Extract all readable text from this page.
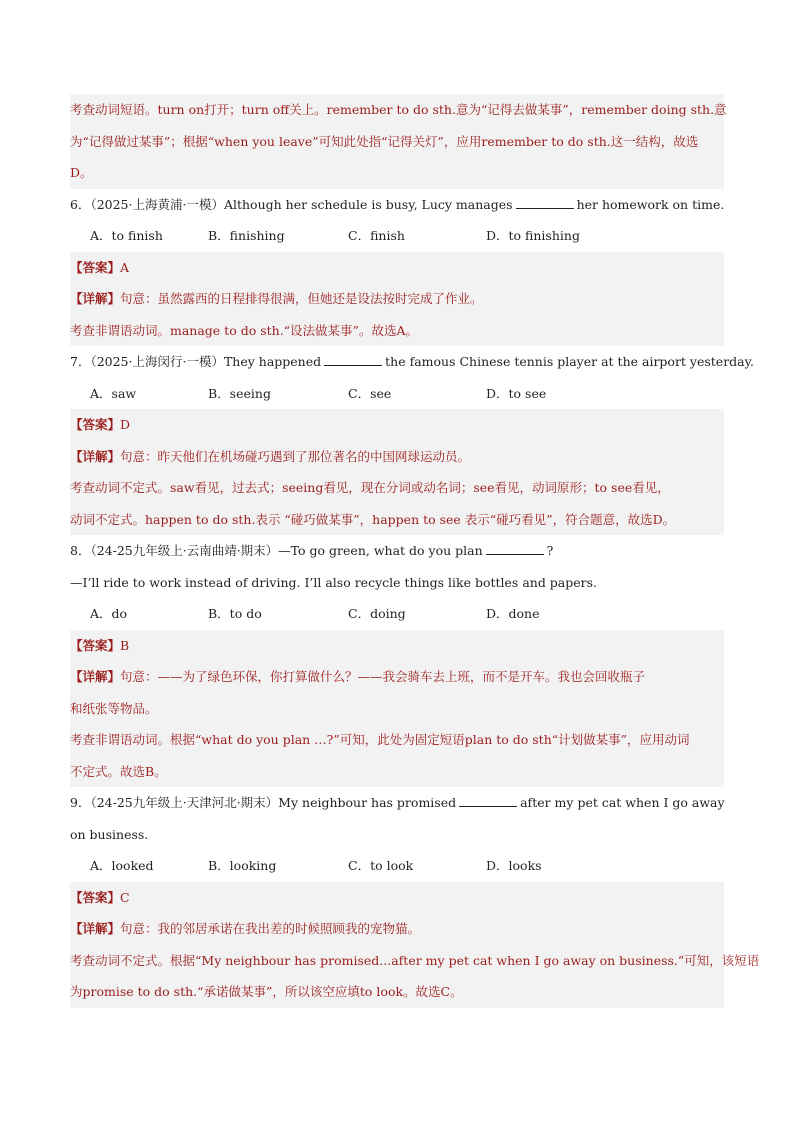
考查动词短语。turn on打开；turn off关上。remember to do sth.意为“记得去做某事”，remember doing sth.意
为“记得做过某事”；根据“when you leave”可知此处指“记得关灯”，应用remember to do sth.这一结构，故选
D。
6．（2025·上海黄浦·一模）Although her schedule is busy, Lucy manages	her homework on time.
A．to finish	B．finishing	C．finish	D．to finishing
【答案】A
【详解】句意：虽然露西的日程排得很满，但她还是设法按时完成了作业。
考查非谓语动词。manage to do sth.“设法做某事”。故选A。
7．（2025·上海闵行·一模）They happened	the famous Chinese tennis player at the airport yesterday.
A．saw	B．seeing	C．see	D．to see
【答案】D
【详解】句意：昨天他们在机场碰巧遇到了那位著名的中国网球运动员。
考查动词不定式。saw看见，过去式；seeing看见，现在分词或动名词；see看见，动词原形；to see看见，
动词不定式。happen to do sth.表示 “碰巧做某事”，happen to see 表示“碰巧看见”，符合题意，故选D。
8．（24-25九年级上·云南曲靖·期末）—To go green, what do you plan	?
—I’ll ride to work instead of driving. I’ll also recycle things like bottles and papers.
A．do	B．to do	C．doing	D．done
【答案】B
【详解】句意：——为了绿色环保，你打算做什么？——我会骑车去上班，而不是开车。我也会回收瓶子
和纸张等物品。
考查非谓语动词。根据“what do you plan …?”可知，此处为固定短语plan to do sth“计划做某事”，应用动词
不定式。故选B。
9．（24-25九年级上·天津河北·期末）My neighbour has promised	after my pet cat when I go away
on business.
A．looked	B．looking	C．to look	D．looks
【答案】C
【详解】句意：我的邻居承诺在我出差的时候照顾我的宠物猫。
考查动词不定式。根据“My neighbour has promised...after my pet cat when I go away on business.”可知，该短语
为promise to do sth.“承诺做某事”，所以该空应填to look。故选C。
